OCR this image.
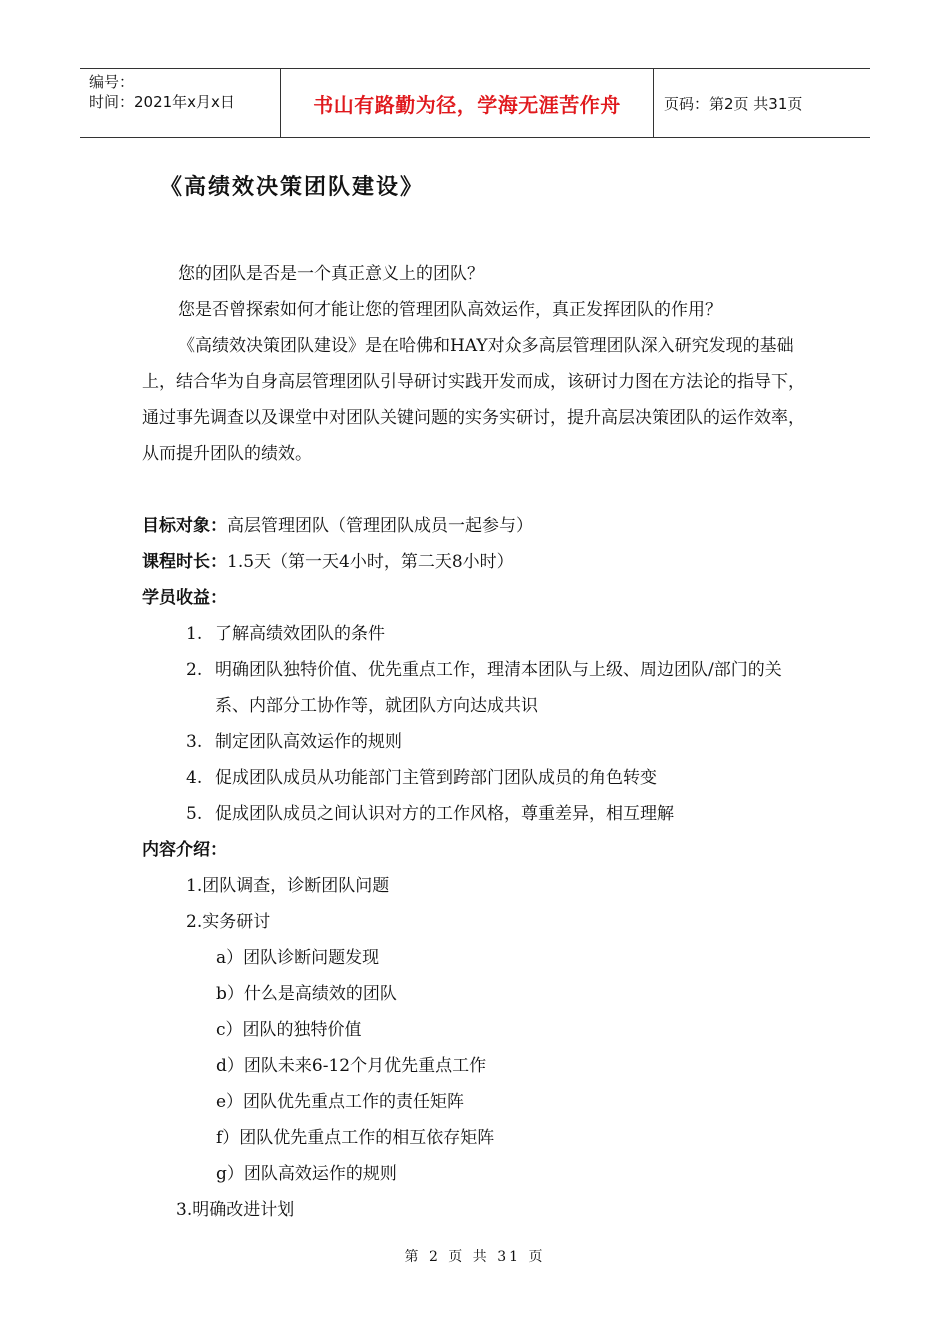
编号：
时间：2021年x月x日	书山有路勤为径，学海无涯苦作舟	页码：第2页 共31页
《高绩效决策团队建设》

您的团队是否是一个真正意义上的团队？

您是否曾探索如何才能让您的管理团队高效运作，真正发挥团队的作用？

《高绩效决策团队建设》是在哈佛和HAY对众多高层管理团队深入研究发现的基础上，结合华为自身高层管理团队引导研讨实践开发而成，该研讨力图在方法论的指导下，通过事先调查以及课堂中对团队关键问题的实务实研讨，提升高层决策团队的运作效率，从而提升团队的绩效。

目标对象：高层管理团队（管理团队成员一起参与）

课程时长：1.5天（第一天4小时，第二天8小时）

学员收益：

1. 了解高绩效团队的条件
2. 明确团队独特价值、优先重点工作，理清本团队与上级、周边团队/部门的关系、内部分工协作等，就团队方向达成共识
3. 制定团队高效运作的规则
4. 促成团队成员从功能部门主管到跨部门团队成员的角色转变
5. 促成团队成员之间认识对方的工作风格，尊重差异，相互理解

内容介绍：

1.团队调查，诊断团队问题
2.实务研讨
a）团队诊断问题发现
b）什么是高绩效的团队
c）团队的独特价值
d）团队未来6-12个月优先重点工作
e）团队优先重点工作的责任矩阵
f）团队优先重点工作的相互依存矩阵
g）团队高效运作的规则
3.明确改进计划
第 2 页 共 31 页
